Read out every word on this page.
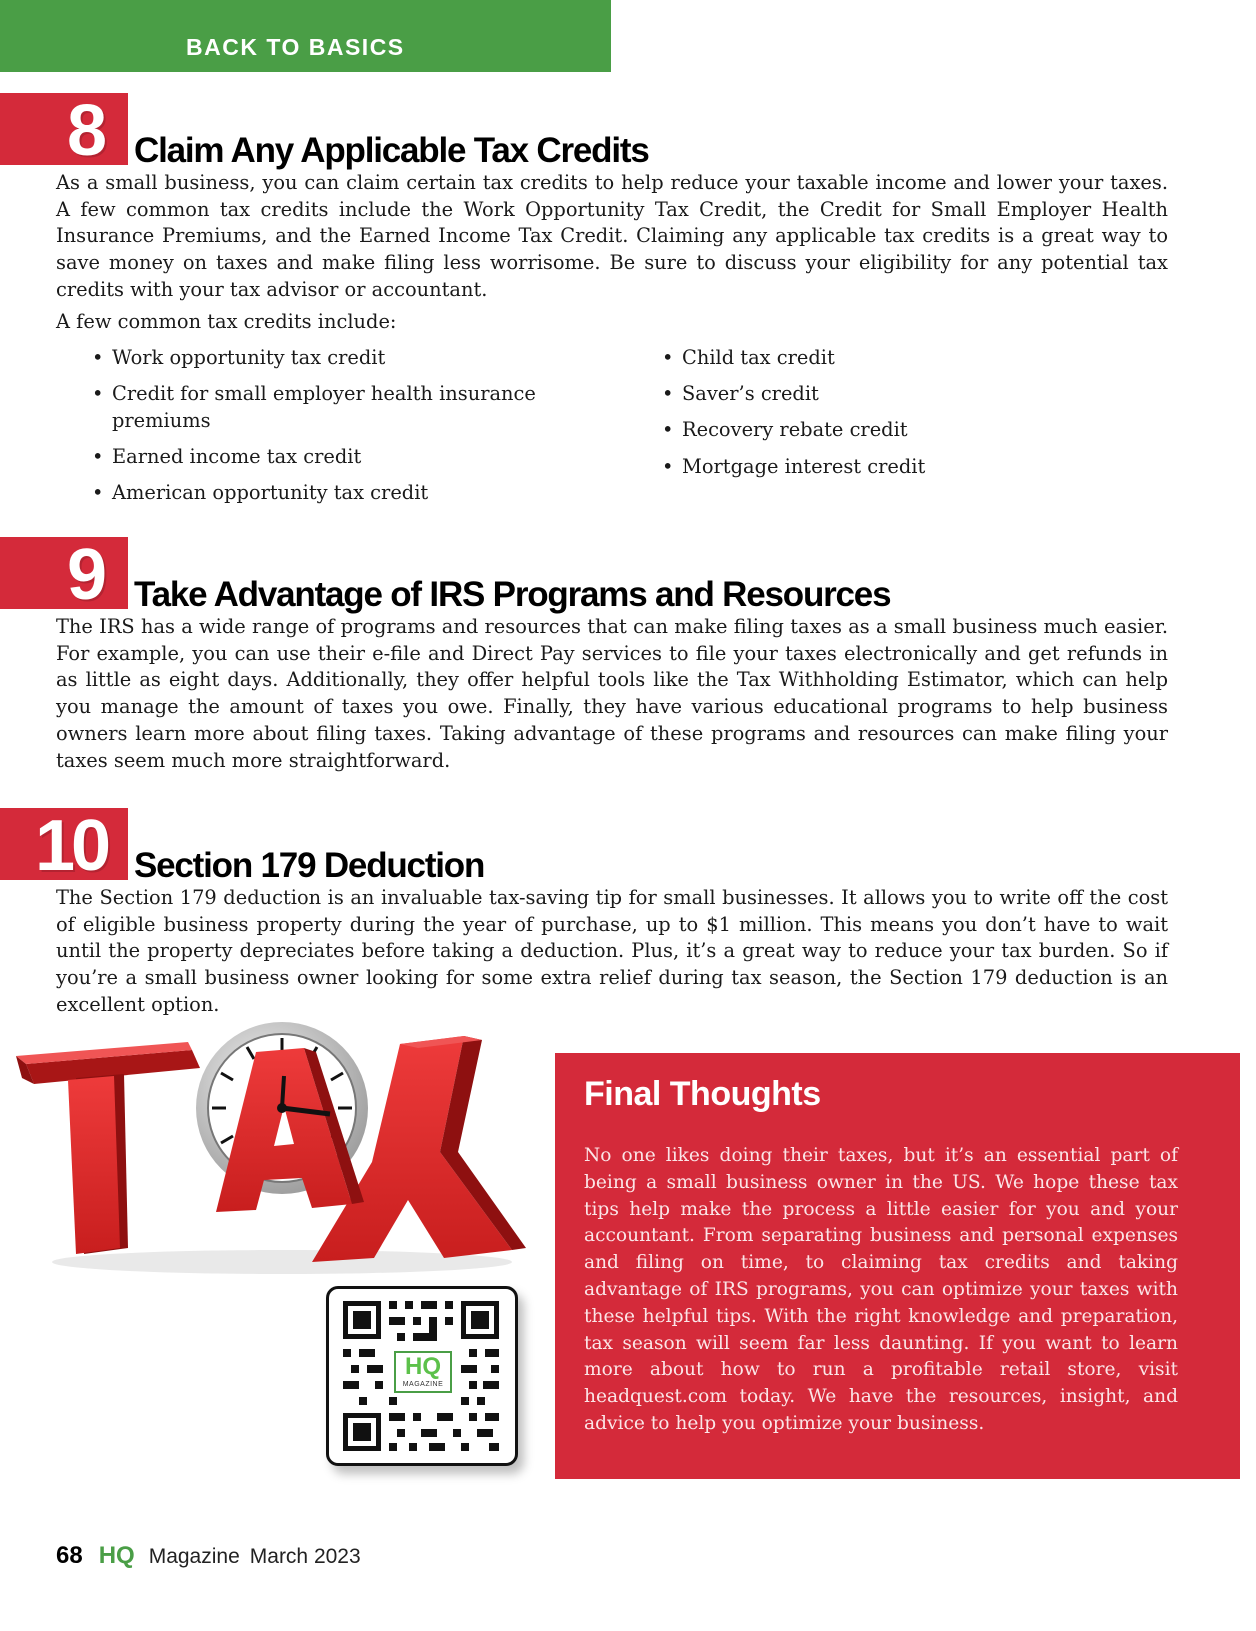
BACK TO BASICS
8 Claim Any Applicable Tax Credits

As a small business, you can claim certain tax credits to help reduce your taxable income and lower your taxes. A few common tax credits include the Work Opportunity Tax Credit, the Credit for Small Employer Health Insurance Premiums, and the Earned Income Tax Credit. Claiming any applicable tax credits is a great way to save money on taxes and make filing less worrisome. Be sure to discuss your eligibility for any potential tax credits with your tax advisor or accountant.

A few common tax credits include:

• Work opportunity tax credit
• Credit for small employer health insurance premiums
• Earned income tax credit
• American opportunity tax credit
• Child tax credit
• Saver’s credit
• Recovery rebate credit
• Mortgage interest credit
9 Take Advantage of IRS Programs and Resources

The IRS has a wide range of programs and resources that can make filing taxes as a small business much easier. For example, you can use their e-file and Direct Pay services to file your taxes electronically and get refunds in as little as eight days. Additionally, they offer helpful tools like the Tax Withholding Estimator, which can help you manage the amount of taxes you owe. Finally, they have various educational programs to help business owners learn more about filing taxes. Taking advantage of these programs and resources can make filing your taxes seem much more straightforward.

10 Section 179 Deduction

The Section 179 deduction is an invaluable tax-saving tip for small businesses. It allows you to write off the cost of eligible business property during the year of purchase, up to $1 million. This means you don’t have to wait until the property depreciates before taking a deduction. Plus, it’s a great way to reduce your tax burden. So if you’re a small business owner looking for some extra relief during tax season, the Section 179 deduction is an excellent option.

HQ
MAGAZINE
Final Thoughts

No one likes doing their taxes, but it’s an essential part of being a small business owner in the US. We hope these tax tips help make the process a little easier for you and your accountant. From separating business and personal expenses and filing on time, to claiming tax credits and taking advantage of IRS programs, you can optimize your taxes with these helpful tips. With the right knowledge and preparation, tax season will seem far less daunting. If you want to learn more about how to run a profitable retail store, visit headquest.com today. We have the resources, insight, and advice to help you optimize your business.

68 HQ Magazine March 2023
